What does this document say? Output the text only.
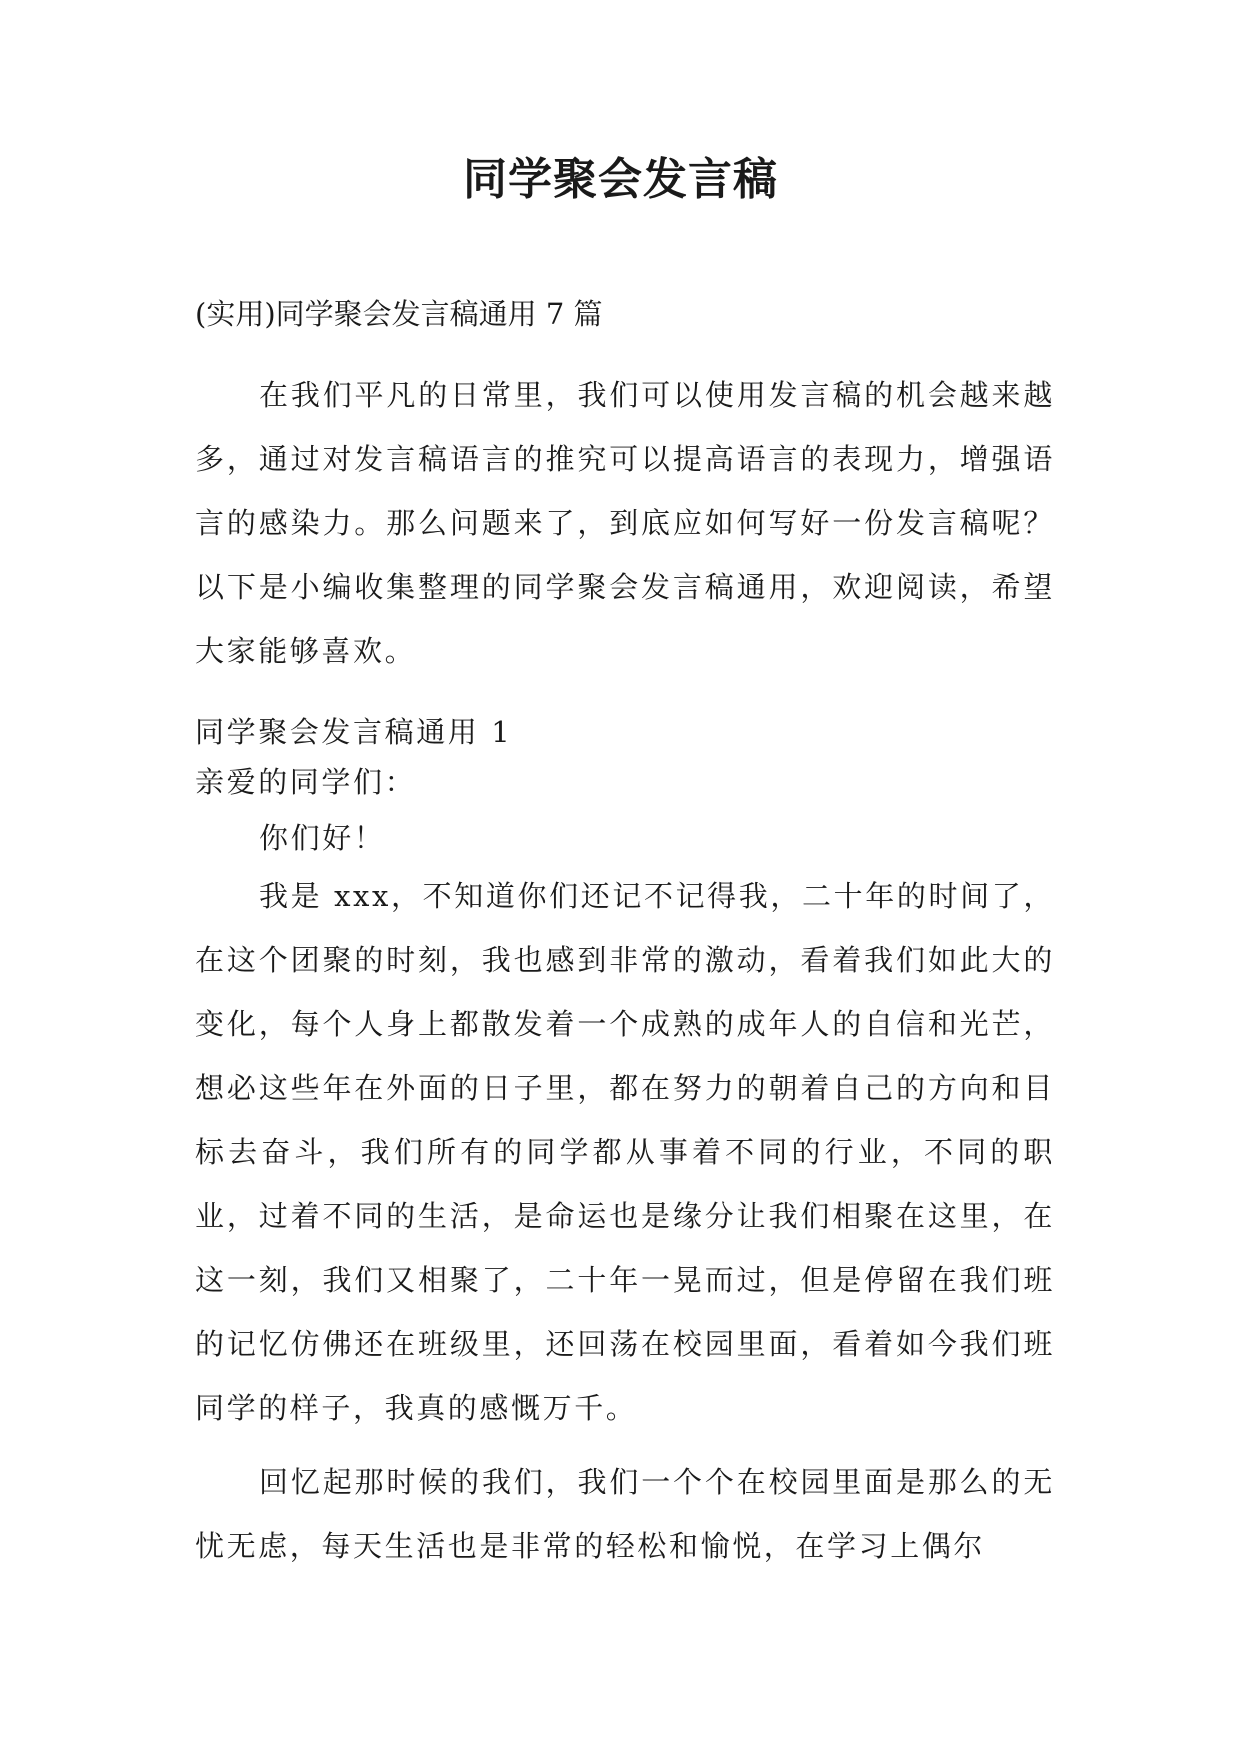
同学聚会发言稿
(实用)同学聚会发言稿通用 7 篇

在我们平凡的日常里，我们可以使用发言稿的机会越来越多，通过对发言稿语言的推究可以提高语言的表现力，增强语言的感染力。那么问题来了，到底应如何写好一份发言稿呢？以下是小编收集整理的同学聚会发言稿通用，欢迎阅读，希望大家能够喜欢。

同学聚会发言稿通用 1
亲爱的同学们：
你们好！

我是 xxx，不知道你们还记不记得我，二十年的时间了，在这个团聚的时刻，我也感到非常的激动，看着我们如此大的变化，每个人身上都散发着一个成熟的成年人的自信和光芒，想必这些年在外面的日子里，都在努力的朝着自己的方向和目标去奋斗，我们所有的同学都从事着不同的行业，不同的职业，过着不同的生活，是命运也是缘分让我们相聚在这里，在这一刻，我们又相聚了，二十年一晃而过，但是停留在我们班的记忆仿佛还在班级里，还回荡在校园里面，看着如今我们班同学的样子，我真的感慨万千。

回忆起那时候的我们，我们一个个在校园里面是那么的无忧无虑，每天生活也是非常的轻松和愉悦，在学习上偶尔
